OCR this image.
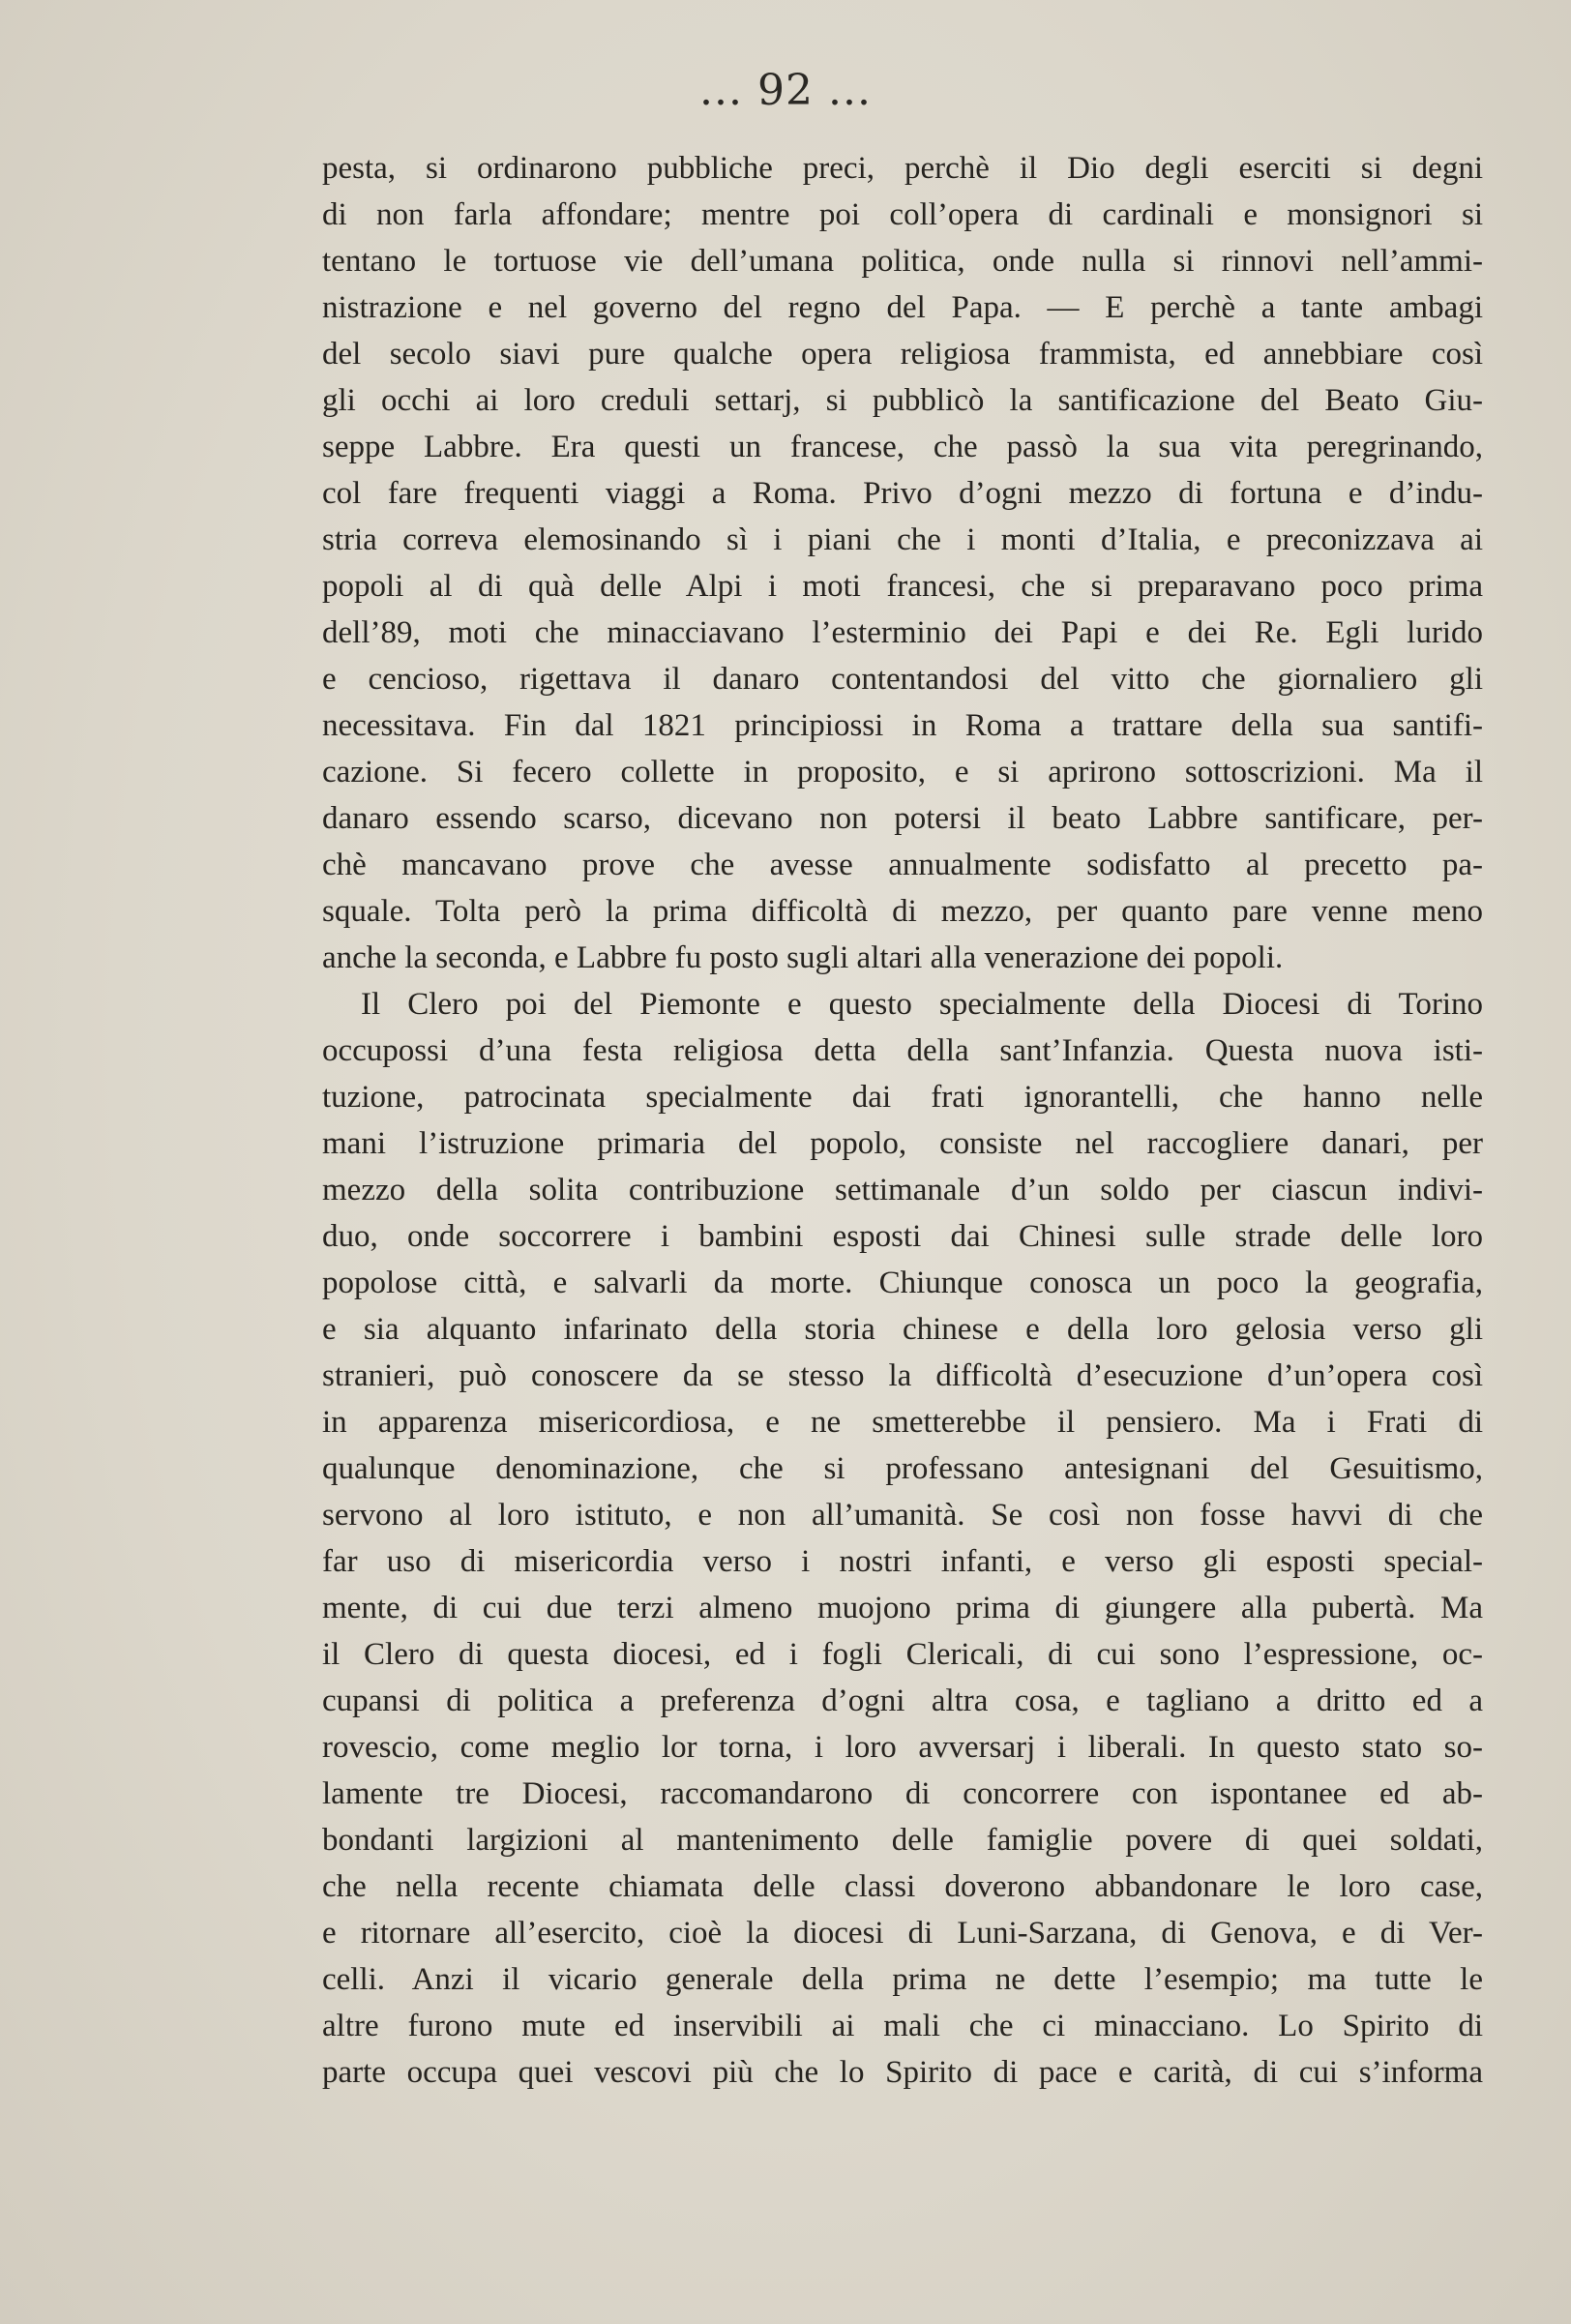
... 92 ...
pesta, si ordinarono pubbliche preci, perchè il Dio degli eserciti si degni
di non farla affondare; mentre poi coll’opera di cardinali e monsignori si
tentano le tortuose vie dell’umana politica, onde nulla si rinnovi nell’ammi-
nistrazione e nel governo del regno del Papa. — E perchè a tante ambagi
del secolo siavi pure qualche opera religiosa frammista, ed annebbiare così
gli occhi ai loro creduli settarj, si pubblicò la santificazione del Beato Giu-
seppe Labbre. Era questi un francese, che passò la sua vita peregrinando,
col fare frequenti viaggi a Roma. Privo d’ogni mezzo di fortuna e d’indu-
stria correva elemosinando sì i piani che i monti d’Italia, e preconizzava ai
popoli al di quà delle Alpi i moti francesi, che si preparavano poco prima
dell’89, moti che minacciavano l’esterminio dei Papi e dei Re. Egli lurido
e cencioso, rigettava il danaro contentandosi del vitto che giornaliero gli
necessitava. Fin dal 1821 principiossi in Roma a trattare della sua santifi-
cazione. Si fecero collette in proposito, e si aprirono sottoscrizioni. Ma il
danaro essendo scarso, dicevano non potersi il beato Labbre santificare, per-
chè mancavano prove che avesse annualmente sodisfatto al precetto pa-
squale. Tolta però la prima difficoltà di mezzo, per quanto pare venne meno
anche la seconda, e Labbre fu posto sugli altari alla venerazione dei popoli.
Il Clero poi del Piemonte e questo specialmente della Diocesi di Torino
occupossi d’una festa religiosa detta della sant’Infanzia. Questa nuova isti-
tuzione, patrocinata specialmente dai frati ignorantelli, che hanno nelle
mani l’istruzione primaria del popolo, consiste nel raccogliere danari, per
mezzo della solita contribuzione settimanale d’un soldo per ciascun indivi-
duo, onde soccorrere i bambini esposti dai Chinesi sulle strade delle loro
popolose città, e salvarli da morte. Chiunque conosca un poco la geografia,
e sia alquanto infarinato della storia chinese e della loro gelosia verso gli
stranieri, può conoscere da se stesso la difficoltà d’esecuzione d’un’opera così
in apparenza misericordiosa, e ne smetterebbe il pensiero. Ma i Frati di
qualunque denominazione, che si professano antesignani del Gesuitismo,
servono al loro istituto, e non all’umanità. Se così non fosse havvi di che
far uso di misericordia verso i nostri infanti, e verso gli esposti special-
mente, di cui due terzi almeno muojono prima di giungere alla pubertà. Ma
il Clero di questa diocesi, ed i fogli Clericali, di cui sono l’espressione, oc-
cupansi di politica a preferenza d’ogni altra cosa, e tagliano a dritto ed a
rovescio, come meglio lor torna, i loro avversarj i liberali. In questo stato so-
lamente tre Diocesi, raccomandarono di concorrere con ispontanee ed ab-
bondanti largizioni al mantenimento delle famiglie povere di quei soldati,
che nella recente chiamata delle classi doverono abbandonare le loro case,
e ritornare all’esercito, cioè la diocesi di Luni-Sarzana, di Genova, e di Ver-
celli. Anzi il vicario generale della prima ne dette l’esempio; ma tutte le
altre furono mute ed inservibili ai mali che ci minacciano. Lo Spirito di
parte occupa quei vescovi più che lo Spirito di pace e carità, di cui s’informa
